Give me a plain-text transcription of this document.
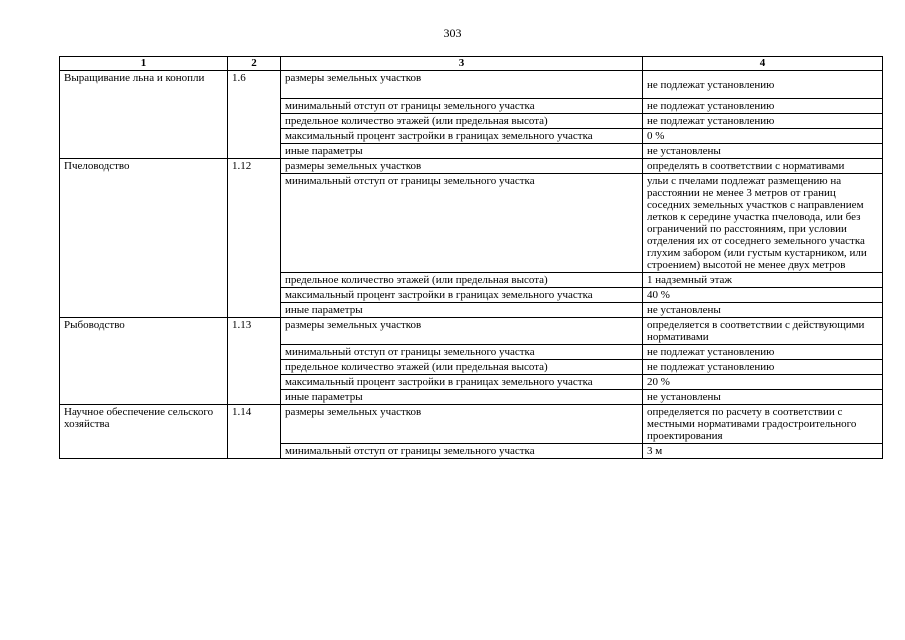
303
1	2	3	4
Выращивание льна и конопли	1.6	размеры земельных участков	не подлежат установлению
		минимальный отступ от границы земельного участка	не подлежат установлению
		предельное количество этажей (или предельная высота)	не подлежат установлению
		максимальный процент застройки в границах земельного участка	0 %
		иные параметры	не установлены
Пчеловодство	1.12	размеры земельных участков	определять в соответствии с нормативами
		минимальный отступ от границы земельного участка	ульи с пчелами подлежат размещению на расстоянии не менее 3 метров от границ соседних земельных участков с направлением летков к середине участка пчеловода, или без ограничений по расстояниям, при условии отделения их от соседнего земельного участка глухим забором (или густым кустарником, или строением) высотой не менее двух метров
		предельное количество этажей (или предельная высота)	1 надземный этаж
		максимальный процент застройки в границах земельного участка	40 %
		иные параметры	не установлены
Рыбоводство	1.13	размеры земельных участков	определяется в соответствии с действующими нормативами
		минимальный отступ от границы земельного участка	не подлежат установлению
		предельное количество этажей (или предельная высота)	не подлежат установлению
		максимальный процент застройки в границах земельного участка	20 %
		иные параметры	не установлены
Научное обеспечение сельского хозяйства	1.14	размеры земельных участков	определяется по расчету в соответствии с местными нормативами градостроительного проектирования
		минимальный отступ от границы земельного участка	3 м
